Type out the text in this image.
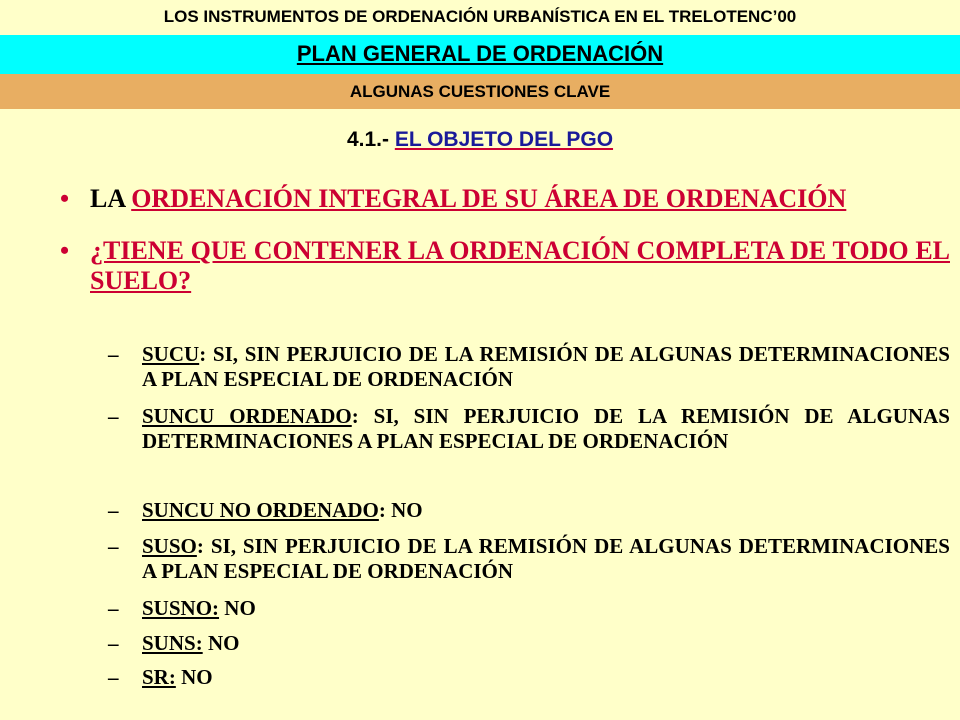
LOS INSTRUMENTOS DE ORDENACIÓN URBANÍSTICA EN EL TRELOTENC’00
PLAN GENERAL DE ORDENACIÓN
ALGUNAS CUESTIONES CLAVE
4.1.- EL OBJETO DEL PGO
• LA ORDENACIÓN INTEGRAL DE SU ÁREA DE ORDENACIÓN
• ¿TIENE QUE CONTENER LA ORDENACIÓN COMPLETA DE TODO EL SUELO?
– SUCU: SI, SIN PERJUICIO DE LA REMISIÓN DE ALGUNAS DETERMINACIONES A PLAN ESPECIAL DE ORDENACIÓN
– SUNCU ORDENADO: SI, SIN PERJUICIO DE LA REMISIÓN DE ALGUNAS DETERMINACIONES A PLAN ESPECIAL DE ORDENACIÓN
– SUNCU NO ORDENADO: NO
– SUSO: SI, SIN PERJUICIO DE LA REMISIÓN DE ALGUNAS DETERMINACIONES A PLAN ESPECIAL DE ORDENACIÓN
– SUSNO: NO
– SUNS: NO
– SR: NO
